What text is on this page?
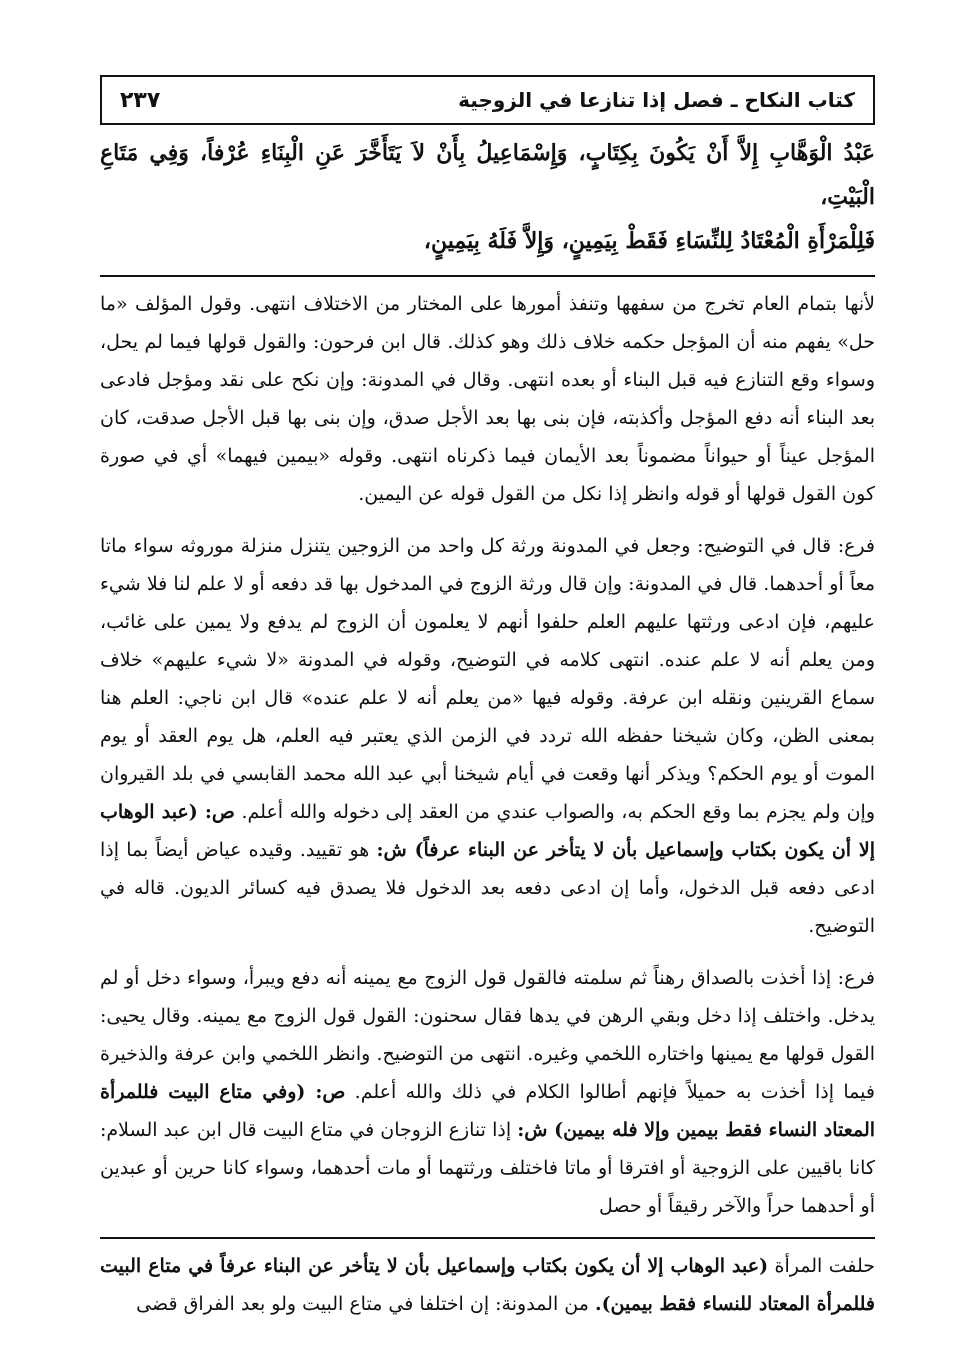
كتاب النكاح ـ فصل إذا تنازعا في الزوجية
٢٣٧
عَبْدُ الْوَهَّابِ إِلاَّ أَنْ يَكُونَ بِكِتَابٍ، وَإِسْمَاعِيلُ بِأَنْ لاَ يَتَأَخَّرَ عَنِ الْبِنَاءِ عُرْفاً، وَفِي مَتَاعِ الْبَيْتِ،
فَلِلْمَرْأَةِ الْمُعْتَادُ لِلنِّسَاءِ فَقَطْ بِيَمِينٍ، وَإِلاَّ فَلَهُ بِيَمِينٍ،

لأنها بتمام العام تخرج من سفهها وتنفذ أمورها على المختار من الاختلاف انتهى. وقول المؤلف «ما حل» يفهم منه أن المؤجل حكمه خلاف ذلك وهو كذلك. قال ابن فرحون: والقول قولها فيما لم يحل، وسواء وقع التنازع فيه قبل البناء أو بعده انتهى. وقال في المدونة: وإن نكح على نقد ومؤجل فادعى بعد البناء أنه دفع المؤجل وأكذبته، فإن بنى بها بعد الأجل صدق، وإن بنى بها قبل الأجل صدقت، كان المؤجل عيناً أو حيواناً مضموناً بعد الأيمان فيما ذكرناه انتهى. وقوله «بيمين فيهما» أي في صورة كون القول قولها أو قوله وانظر إذا نكل من القول قوله عن اليمين.

فرع: قال في التوضيح: وجعل في المدونة ورثة كل واحد من الزوجين يتنزل منزلة موروثه سواء ماتا معاً أو أحدهما. قال في المدونة: وإن قال ورثة الزوج في المدخول بها قد دفعه أو لا علم لنا فلا شيء عليهم، فإن ادعى ورثتها عليهم العلم حلفوا أنهم لا يعلمون أن الزوج لم يدفع ولا يمين على غائب، ومن يعلم أنه لا علم عنده. انتهى كلامه في التوضيح، وقوله في المدونة «لا شيء عليهم» خلاف سماع القرينين ونقله ابن عرفة. وقوله فيها «من يعلم أنه لا علم عنده» قال ابن ناجي: العلم هنا بمعنى الظن، وكان شيخنا حفظه الله تردد في الزمن الذي يعتبر فيه العلم، هل يوم العقد أو يوم الموت أو يوم الحكم؟ ويذكر أنها وقعت في أيام شيخنا أبي عبد الله محمد القابسي في بلد القيروان وإن ولم يجزم بما وقع الحكم به، والصواب عندي من العقد إلى دخوله والله أعلم. ص: (عبد الوهاب إلا أن يكون بكتاب وإسماعيل بأن لا يتأخر عن البناء عرفاً) ش: هو تقييد. وقيده عياض أيضاً بما إذا ادعى دفعه قبل الدخول، وأما إن ادعى دفعه بعد الدخول فلا يصدق فيه كسائر الديون. قاله في التوضيح.

فرع: إذا أخذت بالصداق رهناً ثم سلمته فالقول قول الزوج مع يمينه أنه دفع ويبرأ، وسواء دخل أو لم يدخل. واختلف إذا دخل وبقي الرهن في يدها فقال سحنون: القول قول الزوج مع يمينه. وقال يحيى: القول قولها مع يمينها واختاره اللخمي وغيره. انتهى من التوضيح. وانظر اللخمي وابن عرفة والذخيرة فيما إذا أخذت به حميلاً فإنهم أطالوا الكلام في ذلك والله أعلم. ص: (وفي متاع البيت فللمرأة المعتاد النساء فقط بيمين وإلا فله بيمين) ش: إذا تنازع الزوجان في متاع البيت قال ابن عبد السلام: كانا باقيين على الزوجية أو افترقا أو ماتا فاختلف ورثتهما أو مات أحدهما، وسواء كانا حرين أو عبدين أو أحدهما حراً والآخر رقيقاً أو حصل

حلفت المرأة (عبد الوهاب إلا أن يكون بكتاب وإسماعيل بأن لا يتأخر عن البناء عرفاً في متاع البيت فللمرأة المعتاد للنساء فقط بيمين). من المدونة: إن اختلفا في متاع البيت ولو بعد الفراق قضى
